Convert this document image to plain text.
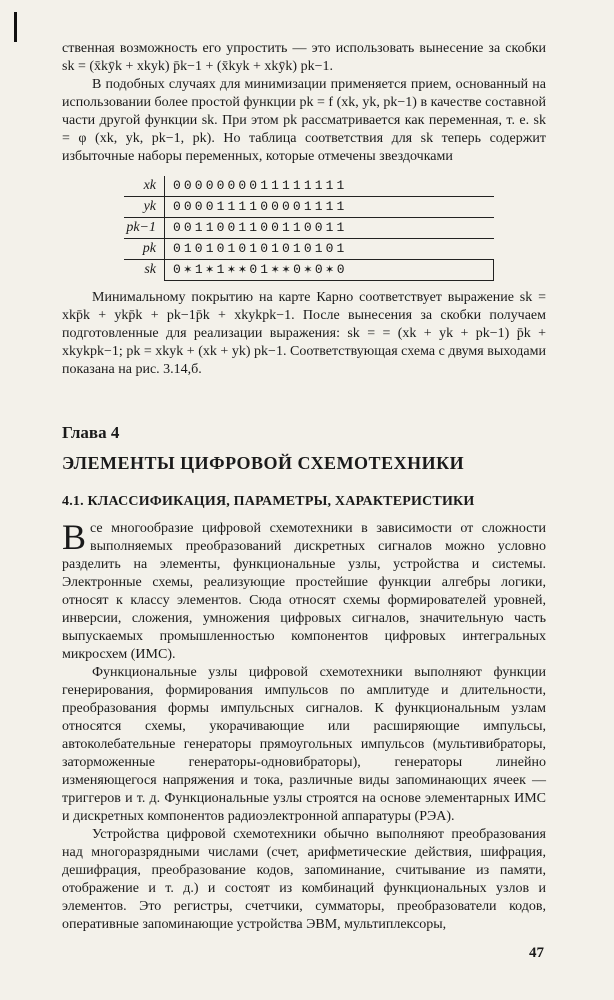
ственная возможность его упростить — это использовать вынесение за скобки sk = (x̄kȳk + xkyk) p̄k−1 + (x̄kyk + xkȳk) pk−1.

В подобных случаях для минимизации применяется прием, основанный на использовании более простой функции pk = f (xk, yk, pk−1) в качестве составной части другой функции sk. При этом pk рассматривается как переменная, т. е. sk = φ (xk, yk, pk−1, pk). Но таблица соответствия для sk теперь содержит избыточные наборы переменных, которые отмечены звездочками

xk	0000000011111111
yk	0000111100001111
pk−1	0011001100110011
pk	0101010101010101
sk	0✶1✶1✶✶01✶✶0✶0✶0

Минимальному покрытию на карте Карно соответствует выражение sk = xkp̄k + ykp̄k + pk−1p̄k + xkykpk−1. После вынесения за скобки получаем подготовленные для реализации выражения: sk = = (xk + yk + pk−1) p̄k + xkykpk−1; pk = xkyk + (xk + yk) pk−1. Соответствующая схема с двумя выходами показана на рис. 3.14,б.

Глава 4
ЭЛЕМЕНТЫ ЦИФРОВОЙ СХЕМОТЕХНИКИ
4.1. КЛАССИФИКАЦИЯ, ПАРАМЕТРЫ, ХАРАКТЕРИСТИКИ

Все многообразие цифровой схемотехники в зависимости от сложности выполняемых преобразований дискретных сигналов можно условно разделить на элементы, функциональные узлы, устройства и системы. Электронные схемы, реализующие простейшие функции алгебры логики, относят к классу элементов. Сюда относят схемы формирователей уровней, инверсии, сложения, умножения цифровых сигналов, значительную часть выпускаемых промышленностью компонентов цифровых интегральных микросхем (ИМС).

Функциональные узлы цифровой схемотехники выполняют функции генерирования, формирования импульсов по амплитуде и длительности, преобразования формы импульсных сигналов. К функциональным узлам относятся схемы, укорачивающие или расширяющие импульсы, автоколебательные генераторы прямоугольных импульсов (мультивибраторы, заторможенные генераторы-одновибраторы), генераторы линейно изменяющегося напряжения и тока, различные виды запоминающих ячеек — триггеров и т. д. Функциональные узлы строятся на основе элементарных ИМС и дискретных компонентов радиоэлектронной аппаратуры (РЭА).

Устройства цифровой схемотехники обычно выполняют преобразования над многоразрядными числами (счет, арифметические действия, шифрация, дешифрация, преобразование кодов, запоминание, считывание из памяти, отображение и т. д.) и состоят из комбинаций функциональных узлов и элементов. Это регистры, счетчики, сумматоры, преобразователи кодов, оперативные запоминающие устройства ЭВМ, мультиплексоры,

47
